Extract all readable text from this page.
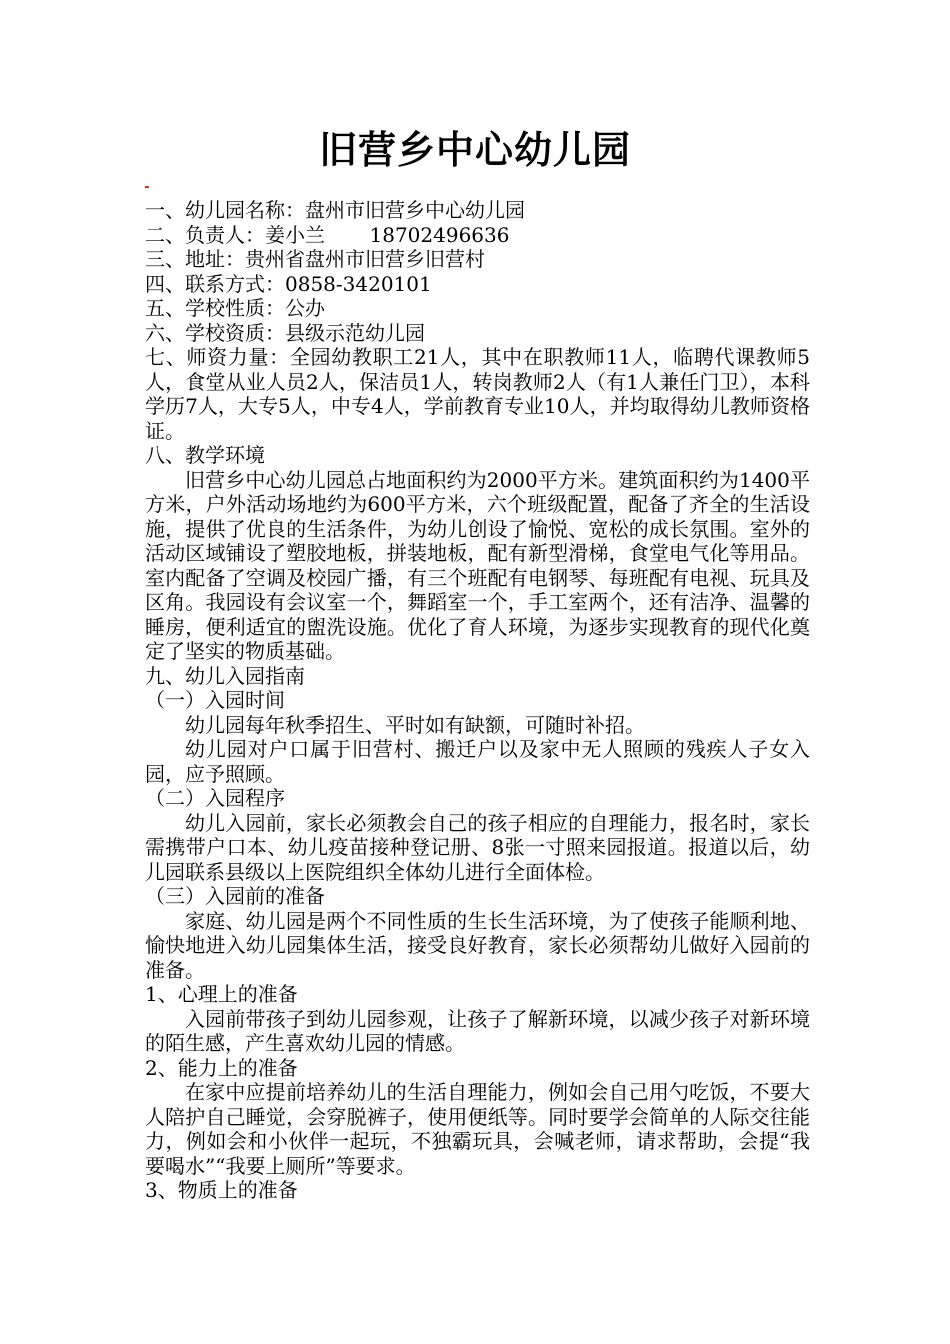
旧营乡中心幼儿园

一、幼儿园名称：盘州市旧营乡中心幼儿园

二、负责人：姜小兰       18702496636

三、地址：贵州省盘州市旧营乡旧营村

四、联系方式：0858-3420101

五、学校性质：公办

六、学校资质：县级示范幼儿园

七、师资力量：全园幼教职工21人，其中在职教师11人，临聘代课教师5人，食堂从业人员2人，保洁员1人，转岗教师2人（有1人兼任门卫），本科学历7人，大专5人，中专4人，学前教育专业10人，并均取得幼儿教师资格证。

八、教学环境

旧营乡中心幼儿园总占地面积约为2000平方米。建筑面积约为1400平方米，户外活动场地约为600平方米，六个班级配置，配备了齐全的生活设施，提供了优良的生活条件，为幼儿创设了愉悦、宽松的成长氛围。室外的活动区域铺设了塑胶地板，拼装地板，配有新型滑梯，食堂电气化等用品。室内配备了空调及校园广播，有三个班配有电钢琴、每班配有电视、玩具及区角。我园设有会议室一个，舞蹈室一个，手工室两个，还有洁净、温馨的睡房，便利适宜的盥洗设施。优化了育人环境，为逐步实现教育的现代化奠定了坚实的物质基础。

九、幼儿入园指南

（一）入园时间

幼儿园每年秋季招生、平时如有缺额，可随时补招。

幼儿园对户口属于旧营村、搬迁户以及家中无人照顾的残疾人子女入园，应予照顾。

（二）入园程序

幼儿入园前，家长必须教会自己的孩子相应的自理能力，报名时，家长需携带户口本、幼儿疫苗接种登记册、8张一寸照来园报道。报道以后，幼儿园联系县级以上医院组织全体幼儿进行全面体检。

（三）入园前的准备

家庭、幼儿园是两个不同性质的生长生活环境，为了使孩子能顺利地、愉快地进入幼儿园集体生活，接受良好教育，家长必须帮幼儿做好入园前的准备。

1、心理上的准备

入园前带孩子到幼儿园参观，让孩子了解新环境，以减少孩子对新环境的陌生感，产生喜欢幼儿园的情感。

2、能力上的准备

在家中应提前培养幼儿的生活自理能力，例如会自己用勺吃饭，不要大人陪护自己睡觉，会穿脱裤子，使用便纸等。同时要学会简单的人际交往能力，例如会和小伙伴一起玩，不独霸玩具，会喊老师，请求帮助，会提“我要喝水”“我要上厕所”等要求。

3、物质上的准备
